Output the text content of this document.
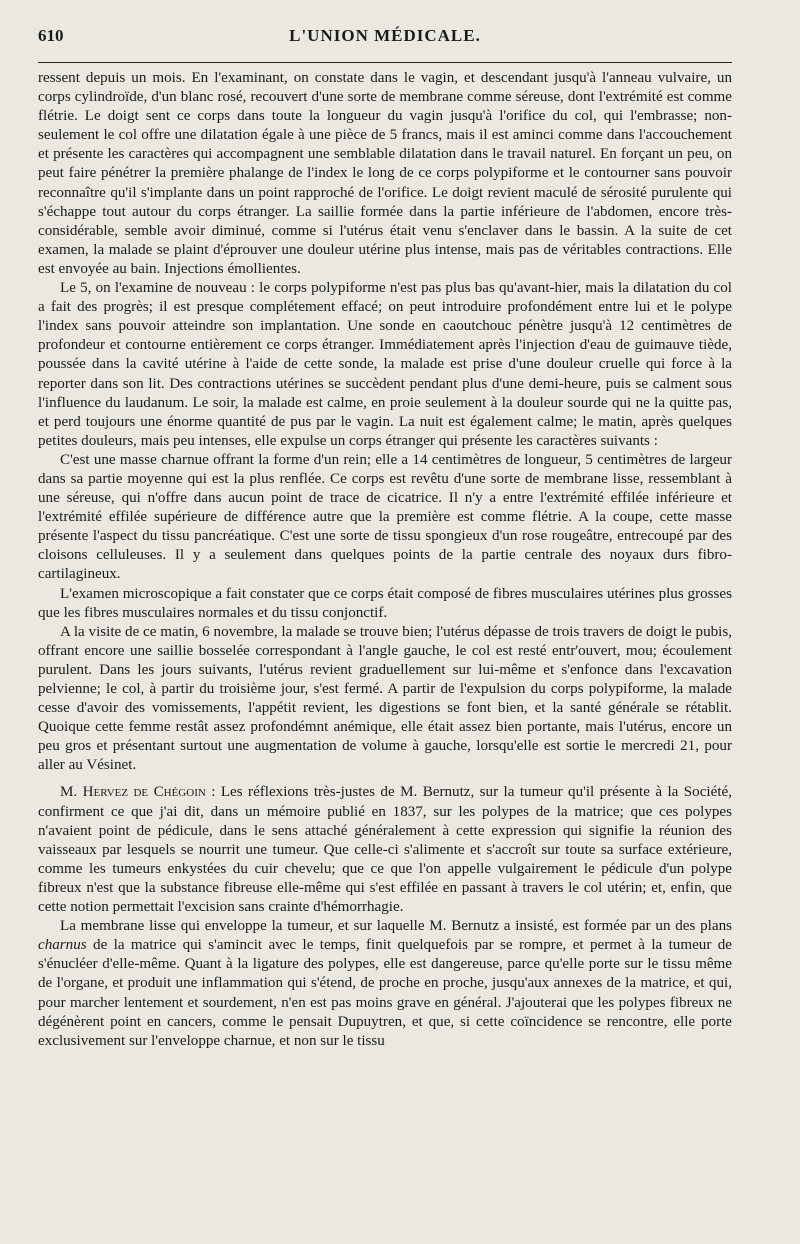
610	L'UNION MÉDICALE.

ressent depuis un mois. En l'examinant, on constate dans le vagin, et descendant jusqu'à l'anneau vulvaire, un corps cylindroïde, d'un blanc rosé, recouvert d'une sorte de membrane comme séreuse, dont l'extrémité est comme flétrie. Le doigt sent ce corps dans toute la longueur du vagin jusqu'à l'orifice du col, qui l'embrasse; non-seulement le col offre une dilatation égale à une pièce de 5 francs, mais il est aminci comme dans l'accouchement et présente les caractères qui accompagnent une semblable dilatation dans le travail naturel. En forçant un peu, on peut faire pénétrer la première phalange de l'index le long de ce corps polypiforme et le contourner sans pouvoir reconnaître qu'il s'implante dans un point rapproché de l'orifice. Le doigt revient maculé de sérosité purulente qui s'échappe tout autour du corps étranger. La saillie formée dans la partie inférieure de l'abdomen, encore très-considérable, semble avoir diminué, comme si l'utérus était venu s'enclaver dans le bassin. A la suite de cet examen, la malade se plaint d'éprouver une douleur utérine plus intense, mais pas de véritables contractions. Elle est envoyée au bain. Injections émollientes.

Le 5, on l'examine de nouveau : le corps polypiforme n'est pas plus bas qu'avant-hier, mais la dilatation du col a fait des progrès; il est presque complétement effacé; on peut introduire profondément entre lui et le polype l'index sans pouvoir atteindre son implantation. Une sonde en caoutchouc pénètre jusqu'à 12 centimètres de profondeur et contourne entièrement ce corps étranger. Immédiatement après l'injection d'eau de guimauve tiède, poussée dans la cavité utérine à l'aide de cette sonde, la malade est prise d'une douleur cruelle qui force à la reporter dans son lit. Des contractions utérines se succèdent pendant plus d'une demi-heure, puis se calment sous l'influence du laudanum. Le soir, la malade est calme, en proie seulement à la douleur sourde qui ne la quitte pas, et perd toujours une énorme quantité de pus par le vagin. La nuit est également calme; le matin, après quelques petites douleurs, mais peu intenses, elle expulse un corps étranger qui présente les caractères suivants :

C'est une masse charnue offrant la forme d'un rein; elle a 14 centimètres de longueur, 5 centimètres de largeur dans sa partie moyenne qui est la plus renflée. Ce corps est revêtu d'une sorte de membrane lisse, ressemblant à une séreuse, qui n'offre dans aucun point de trace de cicatrice. Il n'y a entre l'extrémité effilée inférieure et l'extrémité effilée supérieure de différence autre que la première est comme flétrie. A la coupe, cette masse présente l'aspect du tissu pancréatique. C'est une sorte de tissu spongieux d'un rose rougeâtre, entrecoupé par des cloisons celluleuses. Il y a seulement dans quelques points de la partie centrale des noyaux durs fibro-cartilagineux.

L'examen microscopique a fait constater que ce corps était composé de fibres musculaires utérines plus grosses que les fibres musculaires normales et du tissu conjonctif.

A la visite de ce matin, 6 novembre, la malade se trouve bien; l'utérus dépasse de trois travers de doigt le pubis, offrant encore une saillie bosselée correspondant à l'angle gauche, le col est resté entr'ouvert, mou; écoulement purulent. Dans les jours suivants, l'utérus revient graduellement sur lui-même et s'enfonce dans l'excavation pelvienne; le col, à partir du troisième jour, s'est fermé. A partir de l'expulsion du corps polypiforme, la malade cesse d'avoir des vomissements, l'appétit revient, les digestions se font bien, et la santé générale se rétablit. Quoique cette femme restât assez profondémnt anémique, elle était assez bien portante, mais l'utérus, encore un peu gros et présentant surtout une augmentation de volume à gauche, lorsqu'elle est sortie le mercredi 21, pour aller au Vésinet.

M. Hervez de Chégoin : Les réflexions très-justes de M. Bernutz, sur la tumeur qu'il présente à la Société, confirment ce que j'ai dit, dans un mémoire publié en 1837, sur les polypes de la matrice; que ces polypes n'avaient point de pédicule, dans le sens attaché généralement à cette expression qui signifie la réunion des vaisseaux par lesquels se nourrit une tumeur. Que celle-ci s'alimente et s'accroît sur toute sa surface extérieure, comme les tumeurs enkystées du cuir chevelu; que ce que l'on appelle vulgairement le pédicule d'un polype fibreux n'est que la substance fibreuse elle-même qui s'est effilée en passant à travers le col utérin; et, enfin, que cette notion permettait l'excision sans crainte d'hémorrhagie.

La membrane lisse qui enveloppe la tumeur, et sur laquelle M. Bernutz a insisté, est formée par un des plans charnus de la matrice qui s'amincit avec le temps, finit quelquefois par se rompre, et permet à la tumeur de s'énucléer d'elle-même. Quant à la ligature des polypes, elle est dangereuse, parce qu'elle porte sur le tissu même de l'organe, et produit une inflammation qui s'étend, de proche en proche, jusqu'aux annexes de la matrice, et qui, pour marcher lentement et sourdement, n'en est pas moins grave en général. J'ajouterai que les polypes fibreux ne dégénèrent point en cancers, comme le pensait Dupuytren, et que, si cette coïncidence se rencontre, elle porte exclusivement sur l'enveloppe charnue, et non sur le tissu
